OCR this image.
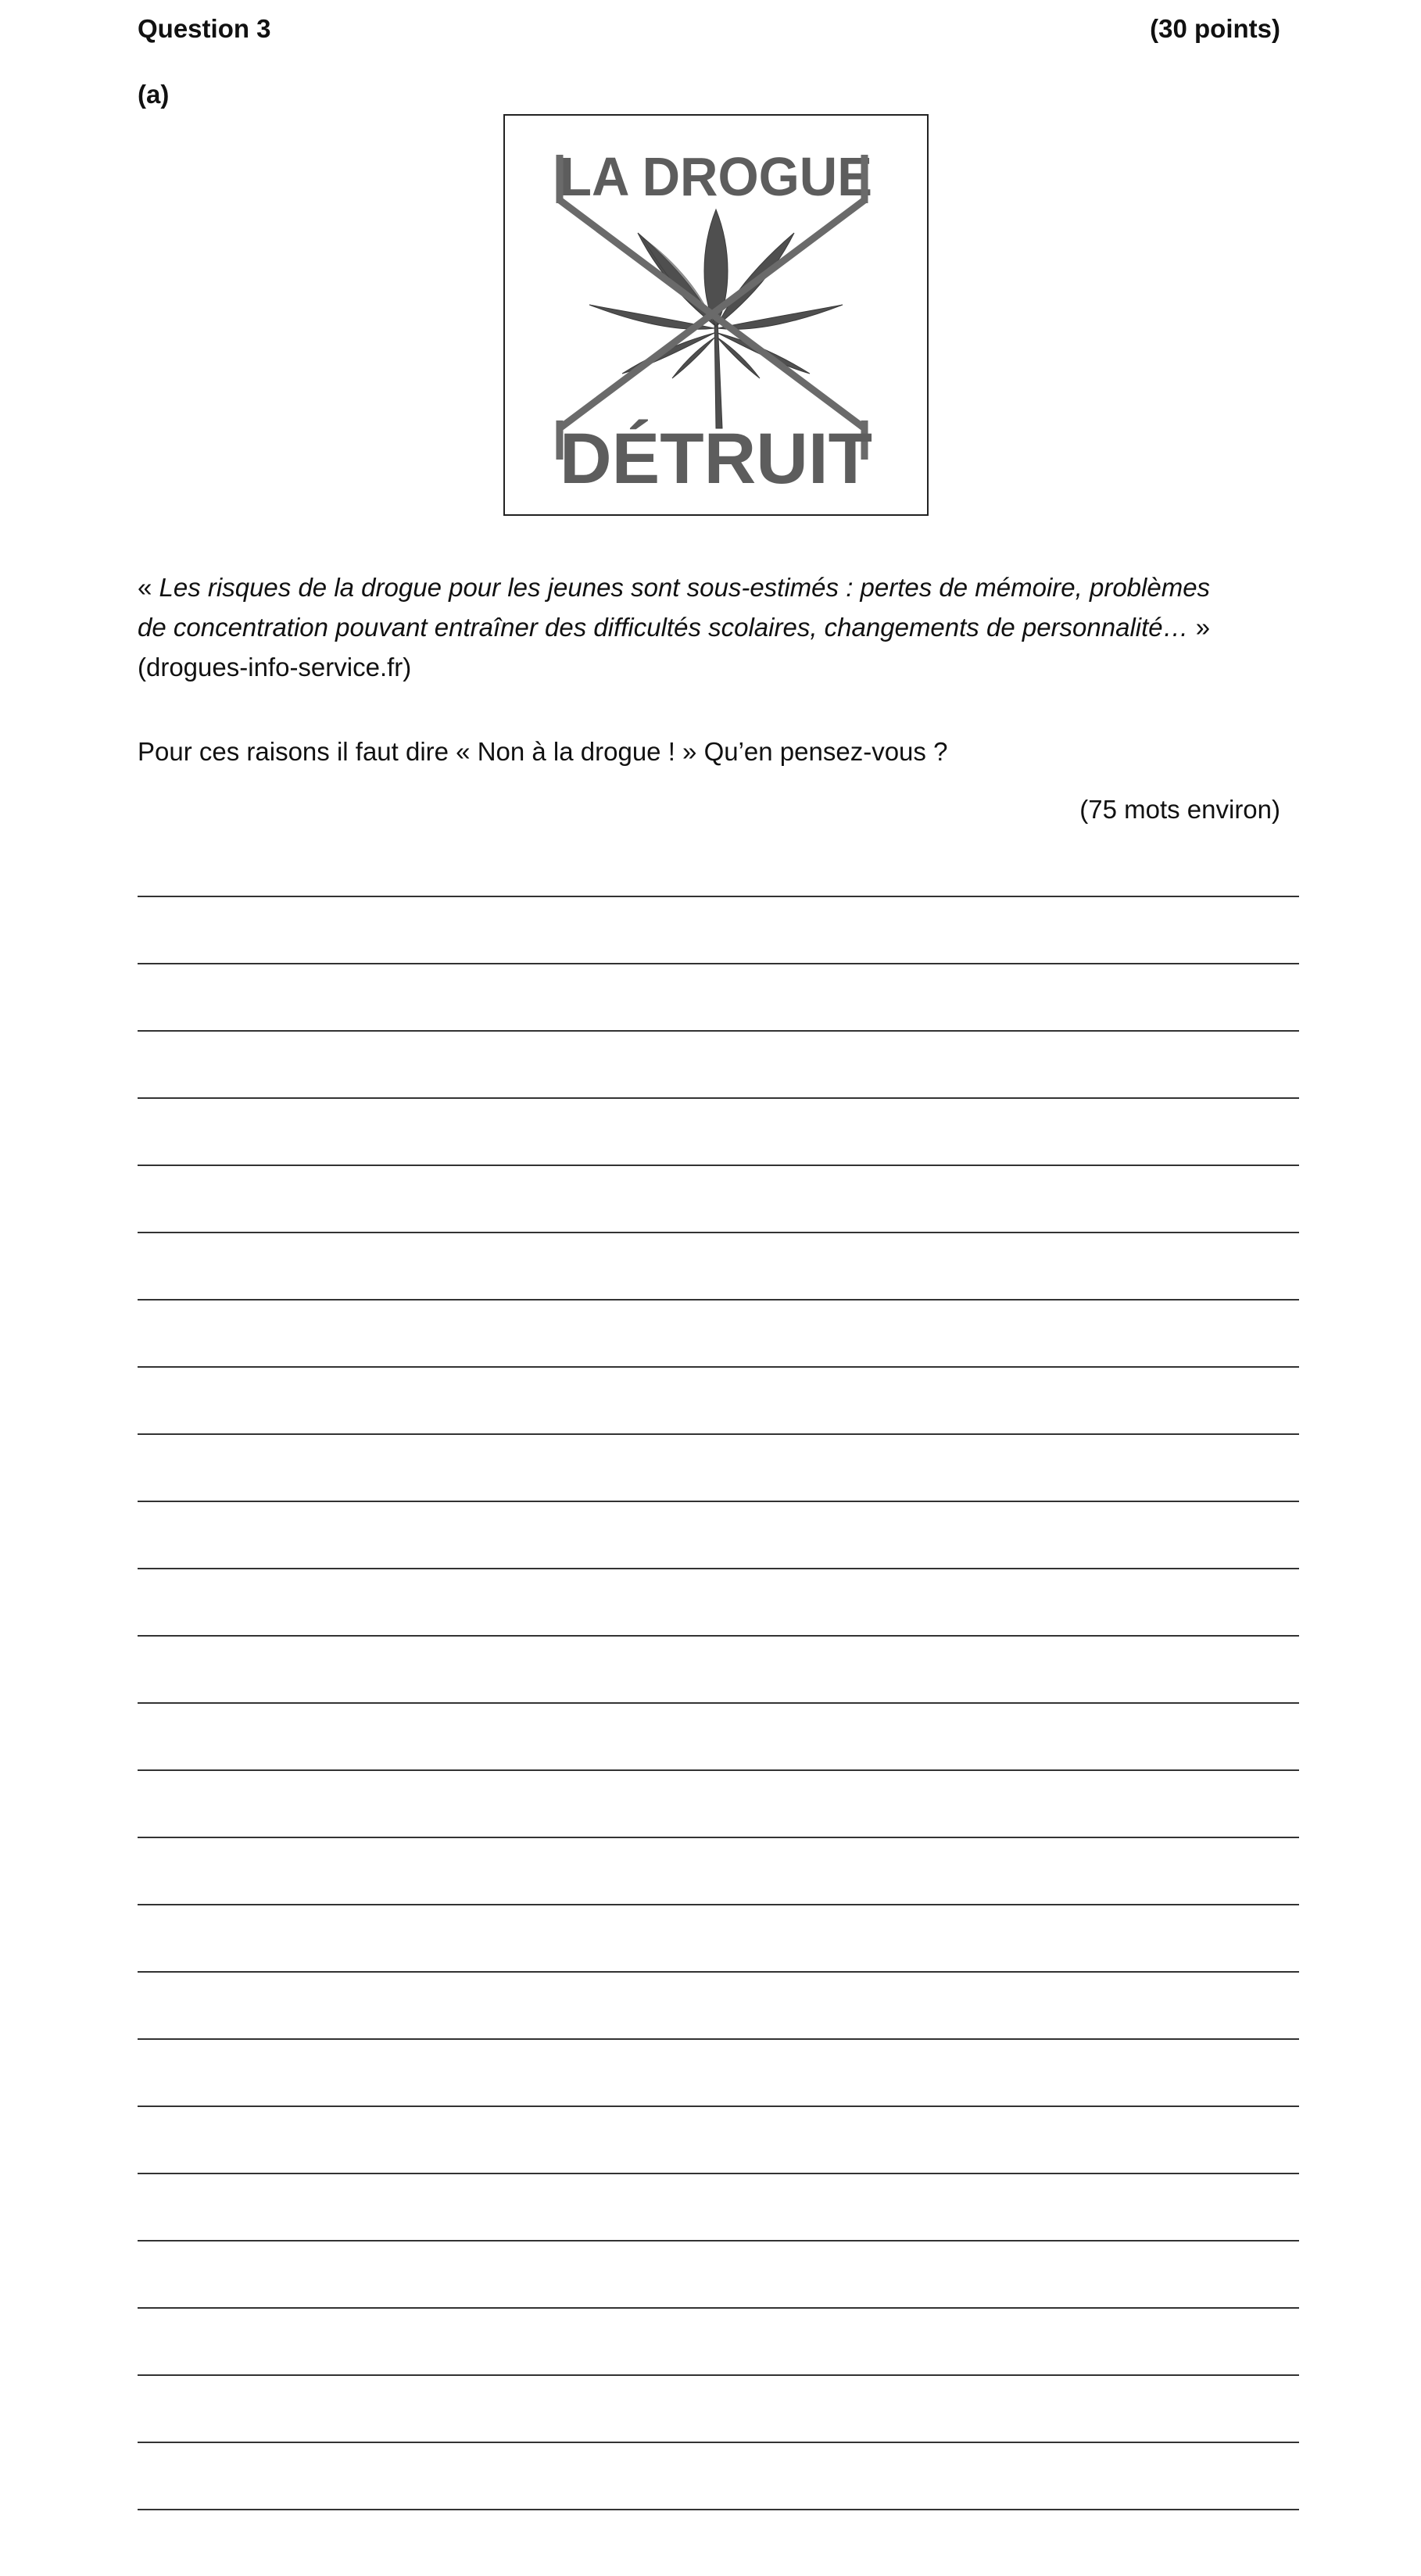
Question 3	(30 points)
(a)
LA DROGUE
DÉTRUIT
« Les risques de la drogue pour les jeunes sont sous-estimés : pertes de mémoire, problèmes
de concentration pouvant entraîner des difficultés scolaires, changements de personnalité… »
(drogues-info-service.fr)
Pour ces raisons il faut dire « Non à la drogue ! » Qu’en pensez-vous ?
(75 mots environ)
